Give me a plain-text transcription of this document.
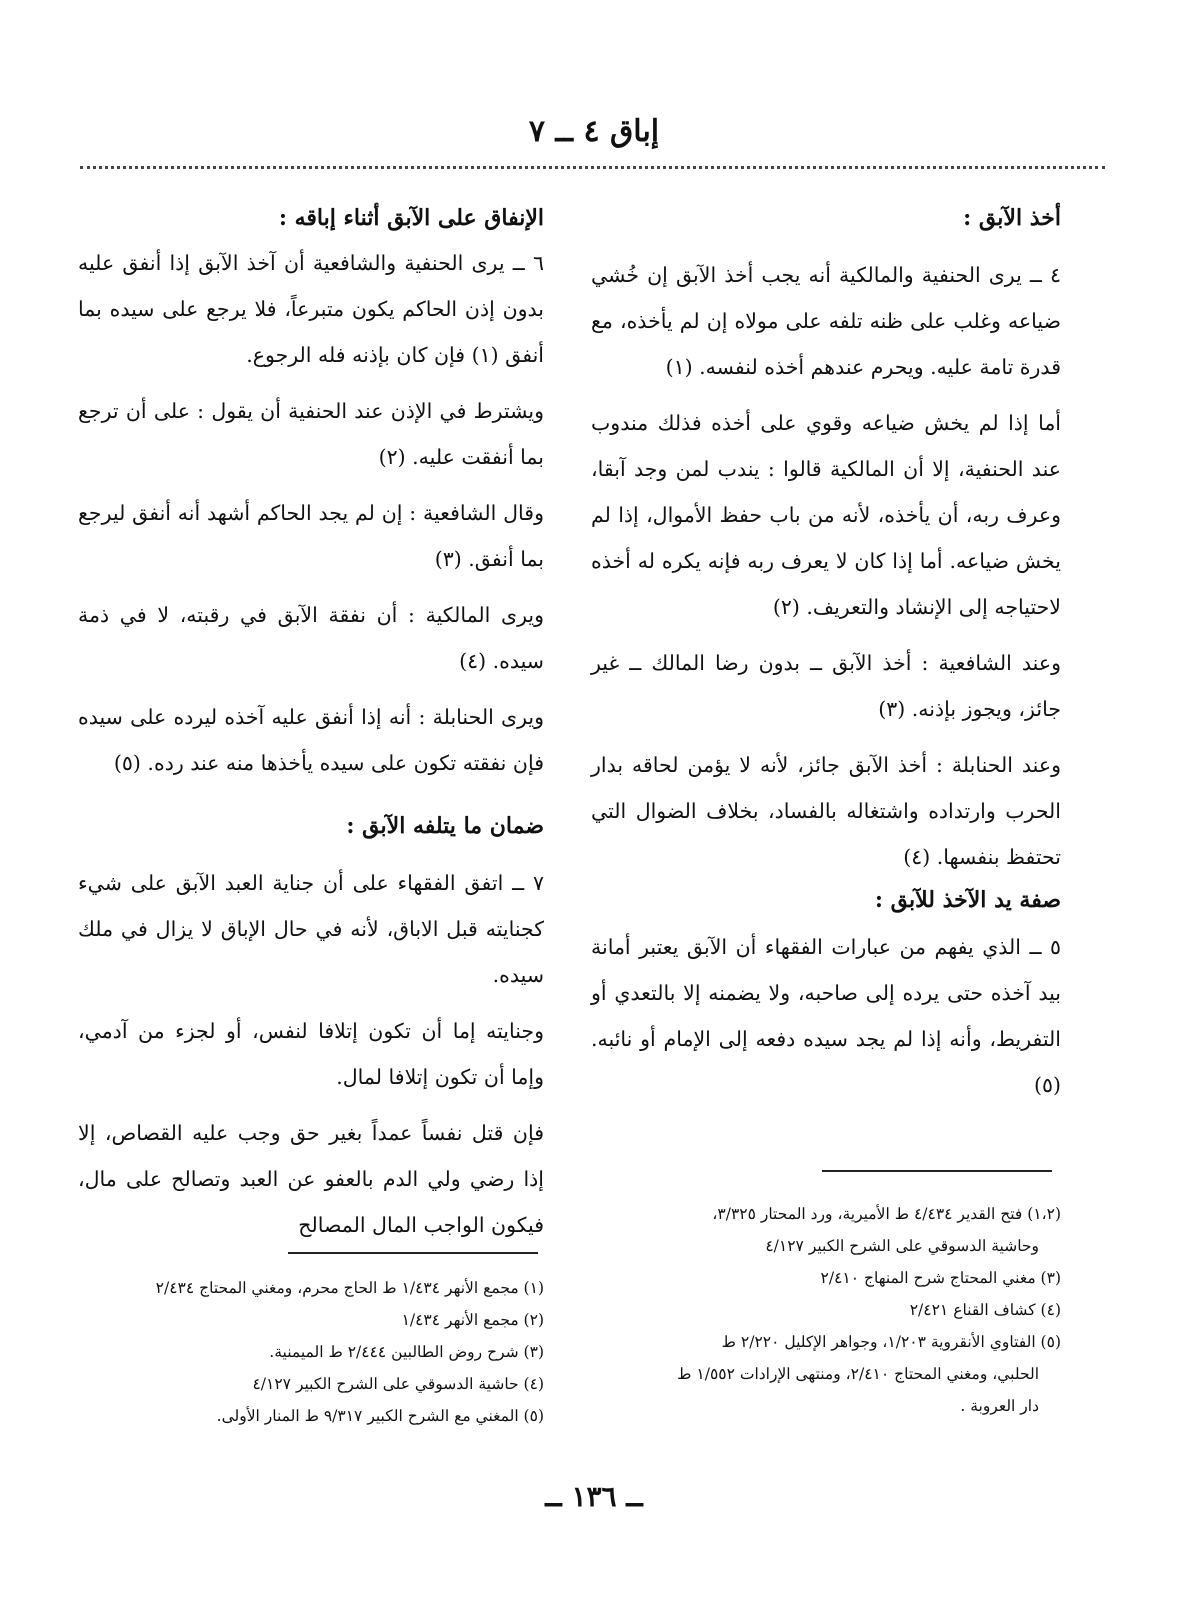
إباق ٤ ــ ٧
أخذ الآبق :

٤ ــ يرى الحنفية والمالكية أنه يجب أخذ الآبق إن خُشي ضياعه وغلب على ظنه تلفه على مولاه إن لم يأخذه، مع قدرة تامة عليه. ويحرم عندهم أخذه لنفسه. (١)

أما إذا لم يخش ضياعه وقوي على أخذه فذلك مندوب عند الحنفية، إلا أن المالكية قالوا : يندب لمن وجد آبقا، وعرف ربه، أن يأخذه، لأنه من باب حفظ الأموال، إذا لم يخش ضياعه. أما إذا كان لا يعرف ربه فإنه يكره له أخذه لاحتياجه إلى الإنشاد والتعريف. (٢)

وعند الشافعية : أخذ الآبق ــ بدون رضا المالك ــ غير جائز، ويجوز بإذنه. (٣)

وعند الحنابلة : أخذ الآبق جائز، لأنه لا يؤمن لحاقه بدار الحرب وارتداده واشتغاله بالفساد، بخلاف الضوال التي تحتفظ بنفسها. (٤)

صفة يد الآخذ للآبق :

٥ ــ الذي يفهم من عبارات الفقهاء أن الآبق يعتبر أمانة بيد آخذه حتى يرده إلى صاحبه، ولا يضمنه إلا بالتعدي أو التفريط، وأنه إذا لم يجد سيده دفعه إلى الإمام أو نائبه. (٥)

الإنفاق على الآبق أثناء إباقه :

٦ ــ يرى الحنفية والشافعية أن آخذ الآبق إذا أنفق عليه بدون إذن الحاكم يكون متبرعاً، فلا يرجع على سيده بما أنفق (١) فإن كان بإذنه فله الرجوع.

ويشترط في الإذن عند الحنفية أن يقول : على أن ترجع بما أنفقت عليه. (٢)

وقال الشافعية : إن لم يجد الحاكم أشهد أنه أنفق ليرجع بما أنفق. (٣)

ويرى المالكية : أن نفقة الآبق في رقبته، لا في ذمة سيده. (٤)

ويرى الحنابلة : أنه إذا أنفق عليه آخذه ليرده على سيده فإن نفقته تكون على سيده يأخذها منه عند رده. (٥)

ضمان ما يتلفه الآبق :

٧ ــ اتفق الفقهاء على أن جناية العبد الآبق على شيء كجنايته قبل الاباق، لأنه في حال الإباق لا يزال في ملك سيده.

وجنايته إما أن تكون إتلافا لنفس، أو لجزء من آدمي، وإما أن تكون إتلافا لمال.

فإن قتل نفساً عمداً بغير حق وجب عليه القصاص، إلا إذا رضي ولي الدم بالعفو عن العبد وتصالح على مال، فيكون الواجب المال المصالح	(١،٢) فتح القدير ٤/٤٣٤ ط الأميرية، ورد المحتار ٣/٣٢٥،

وحاشية الدسوقي على الشرح الكبير ٤/١٢٧

(٣) مغني المحتاج شرح المنهاج ٢/٤١٠

(٤) كشاف القناع ٢/٤٢١

(٥) الفتاوي الأنقروية ١/٢٠٣، وجواهر الإكليل ٢/٢٢٠ ط

الحلبي، ومغني المحتاج ٢/٤١٠، ومنتهى الإرادات ١/٥٥٢ ط

دار العروبة .

(١) مجمع الأنهر ١/٤٣٤ ط الحاج محرم، ومغني المحتاج ٢/٤٣٤

(٢) مجمع الأنهر ١/٤٣٤

(٣) شرح روض الطالبين ٢/٤٤٤ ط الميمنية.

(٤) حاشية الدسوقي على الشرح الكبير ٤/١٢٧

(٥) المغني مع الشرح الكبير ٩/٣١٧ ط المنار الأولى.

ــ ١٣٦ ــ
